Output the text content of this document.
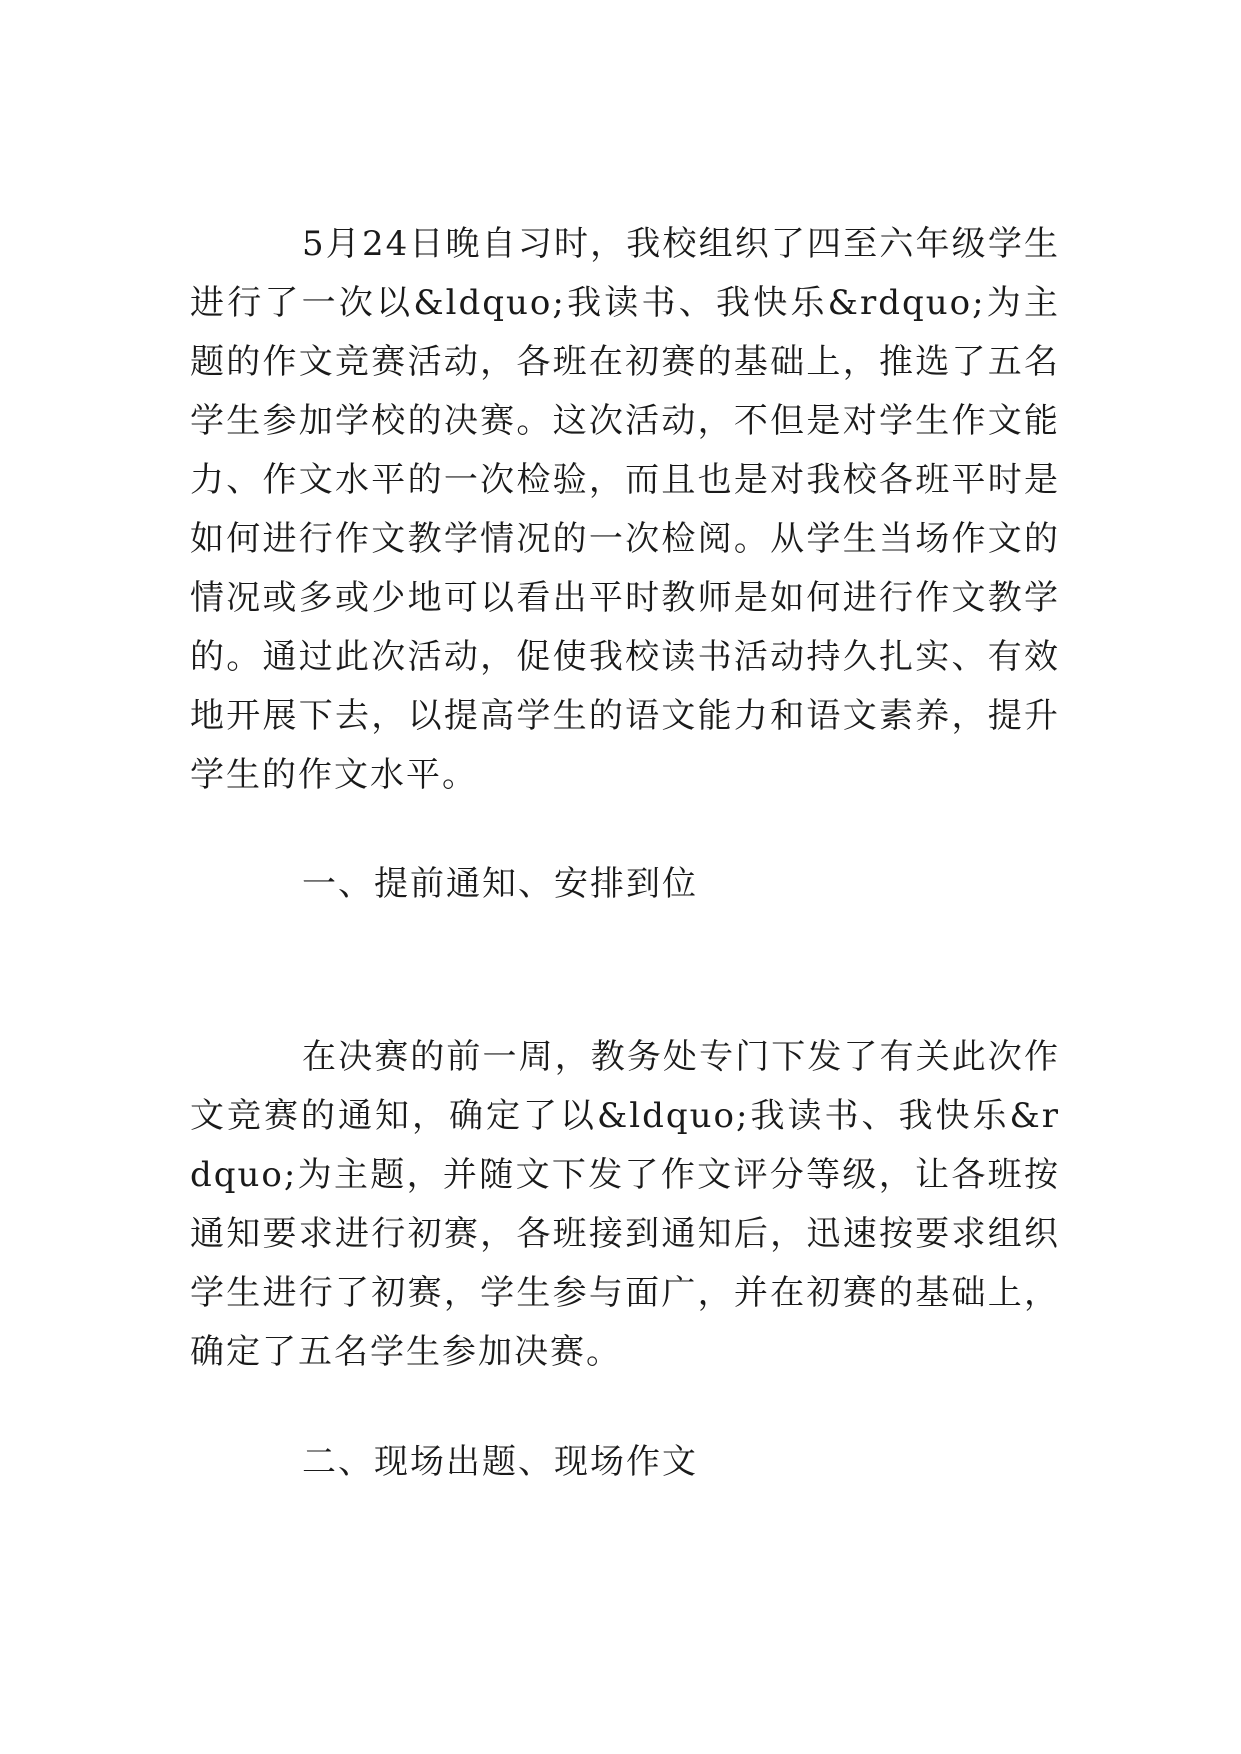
5月24日晚自习时，我校组织了四至六年级学生进行了一次以&ldquo;我读书、我快乐&rdquo;为主题的作文竞赛活动，各班在初赛的基础上，推选了五名学生参加学校的决赛。这次活动，不但是对学生作文能力、作文水平的一次检验，而且也是对我校各班平时是如何进行作文教学情况的一次检阅。从学生当场作文的情况或多或少地可以看出平时教师是如何进行作文教学的。通过此次活动，促使我校读书活动持久扎实、有效地开展下去，以提高学生的语文能力和语文素养，提升学生的作文水平。

一、提前通知、安排到位

在决赛的前一周，教务处专门下发了有关此次作文竞赛的通知，确定了以&ldquo;我读书、我快乐&rdquo;为主题，并随文下发了作文评分等级，让各班按通知要求进行初赛，各班接到通知后，迅速按要求组织学生进行了初赛，学生参与面广，并在初赛的基础上，确定了五名学生参加决赛。

二、现场出题、现场作文
